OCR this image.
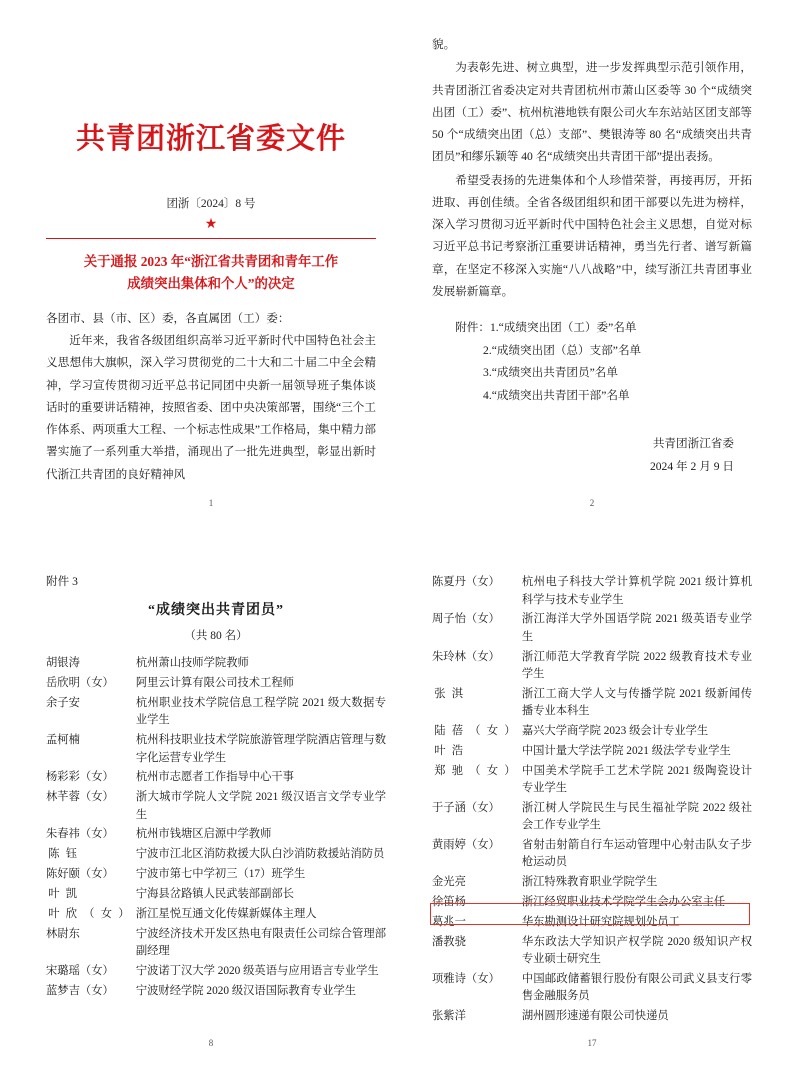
共青团浙江省委文件
团浙〔2024〕8 号
★
关于通报 2023 年“浙江省共青团和青年工作
成绩突出集体和个人”的决定
各团市、县（市、区）委，各直属团（工）委：

近年来，我省各级团组织高举习近平新时代中国特色社会主义思想伟大旗帜，深入学习贯彻党的二十大和二十届二中全会精神，学习宣传贯彻习近平总书记同团中央新一届领导班子集体谈话时的重要讲话精神，按照省委、团中央决策部署，围绕“三个工作体系、两项重大工程、一个标志性成果”工作格局，集中精力部署实施了一系列重大举措，涌现出了一批先进典型，彰显出新时代浙江共青团的良好精神风

貌。

为表彰先进、树立典型，进一步发挥典型示范引领作用，共青团浙江省委决定对共青团杭州市萧山区委等 30 个“成绩突出团（工）委”、杭州杭港地铁有限公司火车东站站区团支部等 50 个“成绩突出团（总）支部”、樊银涛等 80 名“成绩突出共青团员”和缪乐颖等 40 名“成绩突出共青团干部”提出表扬。

希望受表扬的先进集体和个人珍惜荣誉，再接再厉，开拓进取、再创佳绩。全省各级团组织和团干部要以先进为榜样，深入学习贯彻习近平新时代中国特色社会主义思想，自觉对标习近平总书记考察浙江重要讲话精神，勇当先行者、谱写新篇章，在坚定不移深入实施“八八战略”中，续写浙江共青团事业发展崭新篇章。

附件：1.“成绩突出团（工）委”名单
2.“成绩突出团（总）支部”名单
3.“成绩突出共青团员”名单
4.“成绩突出共青团干部”名单
共青团浙江省委
2024 年 2 月 9 日
1	2
附件 3
“成绩突出共青团员”
（共 80 名）
胡银涛	杭州萧山技师学院教师
岳欣明（女）	阿里云计算有限公司技术工程师
余子安	杭州职业技术学院信息工程学院 2021 级大数据专业学生
孟柯楠	杭州科技职业技术学院旅游管理学院酒店管理与数字化运营专业学生
杨彩彩（女）	杭州市志愿者工作指导中心干事
林芊蓉（女）	浙大城市学院人文学院 2021 级汉语言文学专业学生
朱春祎（女）	杭州市钱塘区启源中学教师
陈钰	宁波市江北区消防救援大队白沙消防救援站消防员
陈好颐（女）	宁波市第七中学初三（17）班学生
叶凯	宁海县岔路镇人民武装部副部长
叶欣（女）	浙江星悦互通文化传媒新媒体主理人
林尉东	宁波经济技术开发区热电有限责任公司综合管理部副经理
宋璐瑶（女）	宁波诺丁汉大学 2020 级英语与应用语言专业学生
蓝梦吉（女）	宁波财经学院 2020 级汉语国际教育专业学生
陈夏丹（女）	杭州电子科技大学计算机学院 2021 级计算机科学与技术专业学生
周子怡（女）	浙江海洋大学外国语学院 2021 级英语专业学生
朱玲林（女）	浙江师范大学教育学院 2022 级教育技术专业学生
张淇	浙江工商大学人文与传播学院 2021 级新闻传播专业本科生
陆蓓（女）	嘉兴大学商学院 2023 级会计专业学生
叶浩	中国计量大学法学院 2021 级法学专业学生
郑驰（女）	中国美术学院手工艺术学院 2021 级陶瓷设计专业学生
于子涵（女）	浙江树人学院民生与民生福祉学院 2022 级社会工作专业学生
黄雨婷（女）	省射击射箭自行车运动管理中心射击队女子步枪运动员
金光亮	浙江特殊教育职业学院学生
徐笛杨	浙江经贸职业技术学院学生会办公室主任
葛兆一	华东勘测设计研究院规划处员工
潘教骁	华东政法大学知识产权学院 2020 级知识产权专业硕士研究生
项雅诗（女）	中国邮政储蓄银行股份有限公司武义县支行零售金融服务员
张紫洋	湖州圆形速递有限公司快递员
8	17
